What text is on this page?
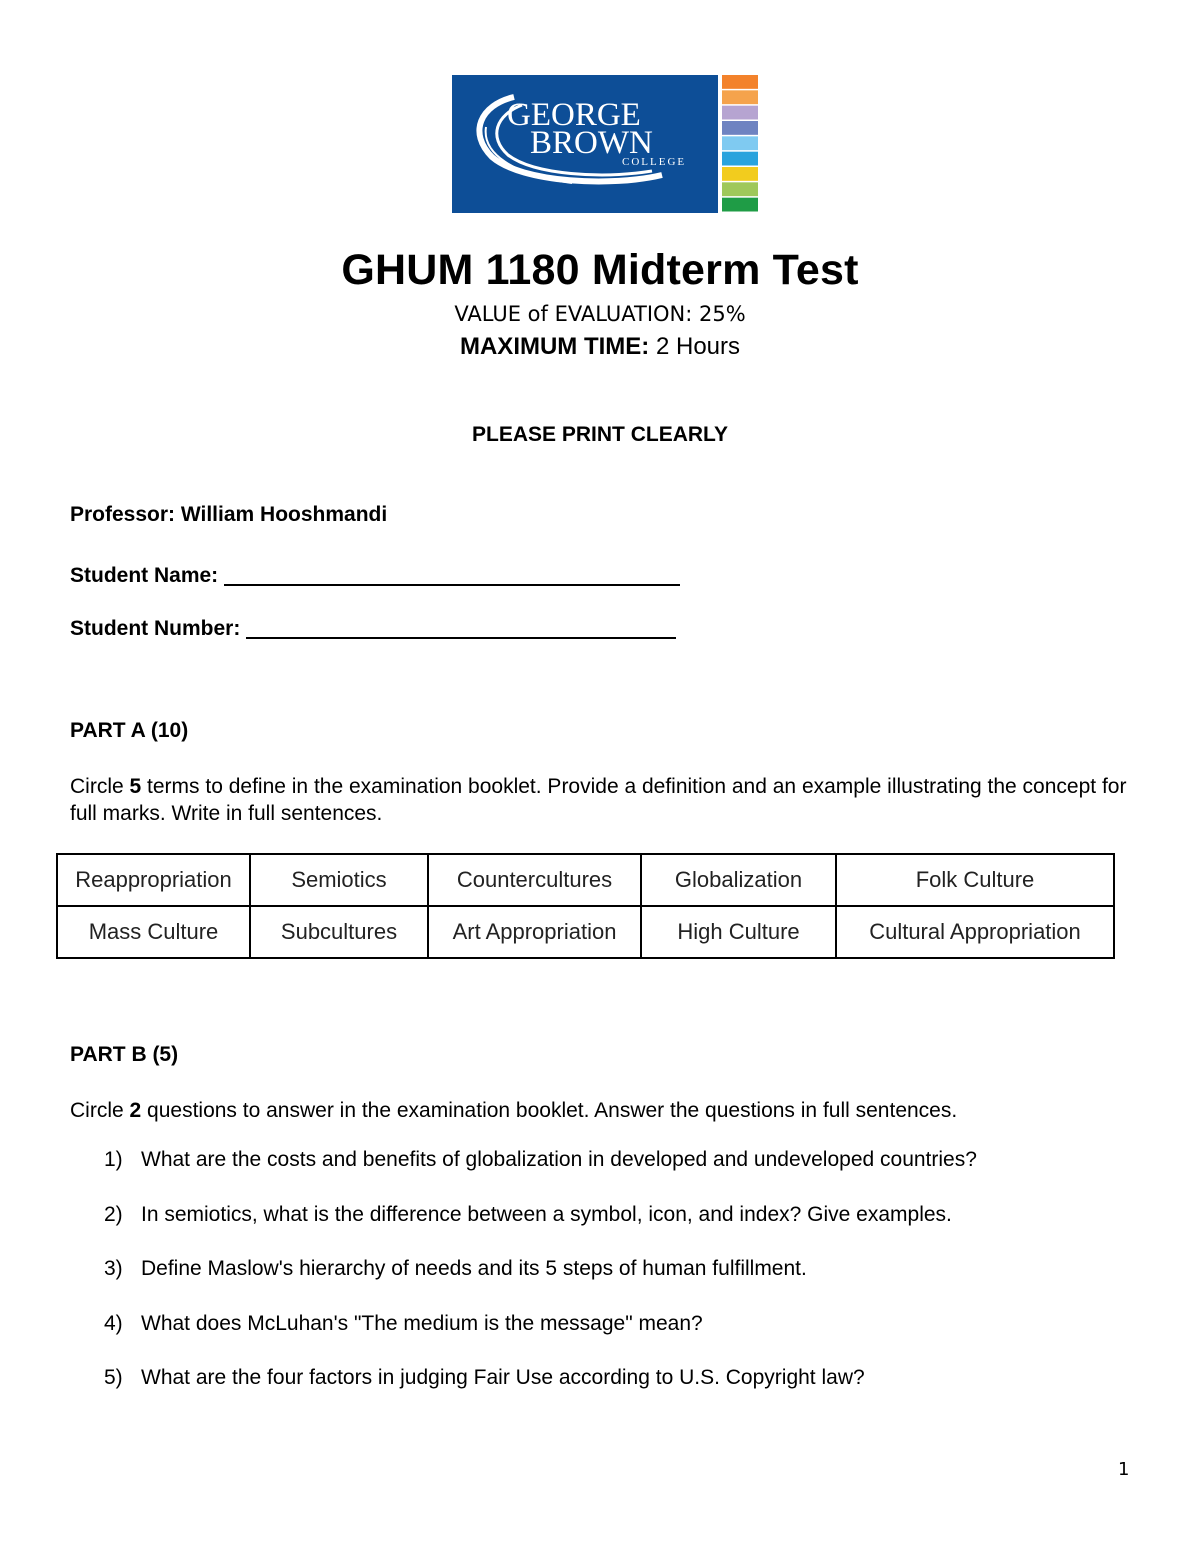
GEORGE
BROWN
COLLEGE
GHUM 1180 Midterm Test
VALUE of EVALUATION: 25%
MAXIMUM TIME: 2 Hours
PLEASE PRINT CLEARLY
Professor: William Hooshmandi
Student Name:
Student Number:
PART A (10)
Circle 5 terms to define in the examination booklet. Provide a definition and an example illustrating the concept for full marks. Write in full sentences.
Reappropriation	Semiotics	Countercultures	Globalization	Folk Culture
Mass Culture	Subcultures	Art Appropriation	High Culture	Cultural Appropriation
PART B (5)
Circle 2 questions to answer in the examination booklet. Answer the questions in full sentences.
1) What are the costs and benefits of globalization in developed and undeveloped countries?
2) In semiotics, what is the difference between a symbol, icon, and index? Give examples.
3) Define Maslow's hierarchy of needs and its 5 steps of human fulfillment.
4) What does McLuhan's "The medium is the message" mean?
5) What are the four factors in judging Fair Use according to U.S. Copyright law?
1
